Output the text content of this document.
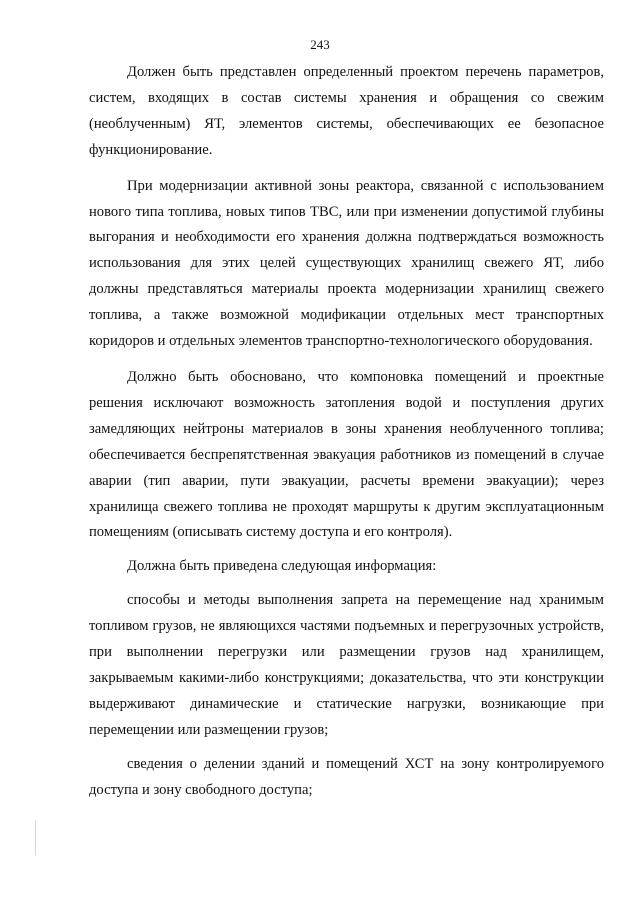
243

Должен быть представлен определенный проектом перечень параметров, систем, входящих в состав системы хранения и обращения со свежим (необлученным) ЯТ, элементов системы, обеспечивающих ее безопасное функционирование.

При модернизации активной зоны реактора, связанной с использованием нового типа топлива, новых типов ТВС, или при изменении допустимой глубины выгорания и необходимости его хранения должна подтверждаться возможность использования для этих целей существующих хранилищ свежего ЯТ, либо должны представляться материалы проекта модернизации хранилищ свежего топлива, а также возможной модификации отдельных мест транспортных коридоров и отдельных элементов транспортно-технологического оборудования.

Должно быть обосновано, что компоновка помещений и проектные решения исключают возможность затопления водой и поступления других замедляющих нейтроны материалов в зоны хранения необлученного топлива; обеспечивается беспрепятственная эвакуация работников из помещений в случае аварии (тип аварии, пути эвакуации, расчеты времени эвакуации); через хранилища свежего топлива не проходят маршруты к другим эксплуатационным помещениям (описывать систему доступа и его контроля).

Должна быть приведена следующая информация:

способы и методы выполнения запрета на перемещение над хранимым топливом грузов, не являющихся частями подъемных и перегрузочных устройств, при выполнении перегрузки или размещении грузов над хранилищем, закрываемым какими-либо конструкциями; доказательства, что эти конструкции выдерживают динамические и статические нагрузки, возникающие при перемещении или размещении грузов;

сведения о делении зданий и помещений ХСТ на зону контролируемого доступа и зону свободного доступа;
